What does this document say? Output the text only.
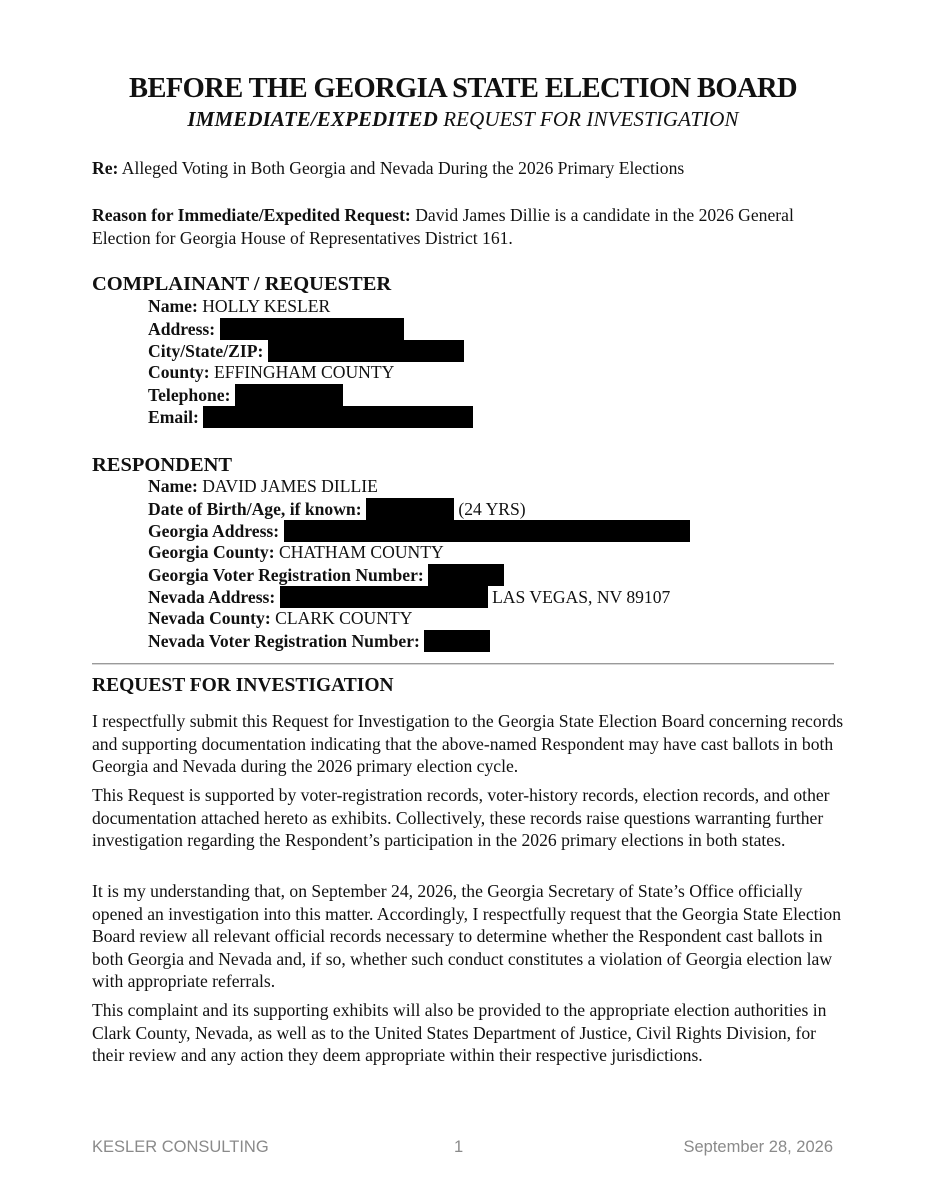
BEFORE THE GEORGIA STATE ELECTION BOARD
IMMEDIATE/EXPEDITED REQUEST FOR INVESTIGATION
Re: Alleged Voting in Both Georgia and Nevada During the 2026 Primary Elections
Reason for Immediate/Expedited Request: David James Dillie is a candidate in the 2026 General Election for Georgia House of Representatives District 161.
COMPLAINANT / REQUESTER
Name: HOLLY KESLER
Address:
City/State/ZIP:
County: EFFINGHAM COUNTY
Telephone:
Email:
RESPONDENT
Name: DAVID JAMES DILLIE
Date of Birth/Age, if known:	(24 YRS)
Georgia Address:
Georgia County: CHATHAM COUNTY
Georgia Voter Registration Number:
Nevada Address:	LAS VEGAS, NV 89107
Nevada County: CLARK COUNTY
Nevada Voter Registration Number:
REQUEST FOR INVESTIGATION
I respectfully submit this Request for Investigation to the Georgia State Election Board concerning records and supporting documentation indicating that the above-named Respondent may have cast ballots in both Georgia and Nevada during the 2026 primary election cycle.
This Request is supported by voter-registration records, voter-history records, election records, and other documentation attached hereto as exhibits. Collectively, these records raise questions warranting further investigation regarding the Respondent’s participation in the 2026 primary elections in both states.
It is my understanding that, on September 24, 2026, the Georgia Secretary of State’s Office officially opened an investigation into this matter. Accordingly, I respectfully request that the Georgia State Election Board review all relevant official records necessary to determine whether the Respondent cast ballots in both Georgia and Nevada and, if so, whether such conduct constitutes a violation of Georgia election law with appropriate referrals.
This complaint and its supporting exhibits will also be provided to the appropriate election authorities in Clark County, Nevada, as well as to the United States Department of Justice, Civil Rights Division, for their review and any action they deem appropriate within their respective jurisdictions.
KESLER CONSULTING	1	September 28, 2026
